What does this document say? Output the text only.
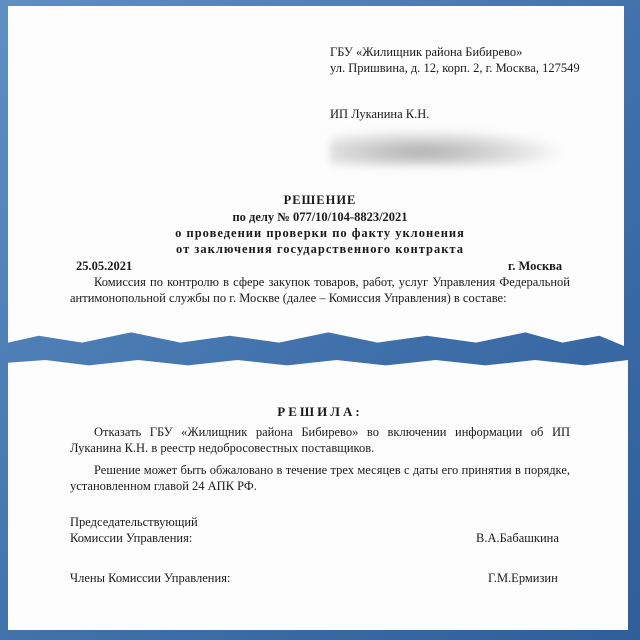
ГБУ «Жилищник района Бибирево»
ул. Пришвина, д. 12, корп. 2, г. Москва, 127549
ИП Луканина К.Н.
РЕШЕНИЕ
по делу № 077/10/104-8823/2021
о проведении проверки по факту уклонения
от заключения государственного контракта
25.05.2021	г. Москва
Комиссия по контролю в сфере закупок товаров, работ, услуг Управления Федеральной антимонопольной службы по г. Москве (далее – Комиссия Управления) в составе:
РЕШИЛА:
Отказать ГБУ «Жилищник района Бибирево» во включении информации об ИП Луканина К.Н. в реестр недобросовестных поставщиков.
Решение может быть обжаловано в течение трех месяцев с даты его принятия в порядке, установленном главой 24 АПК РФ.
Председательствующий
Комиссии Управления:	В.А.Бабашкина
Члены Комиссии Управления:	Г.М.Ермизин
